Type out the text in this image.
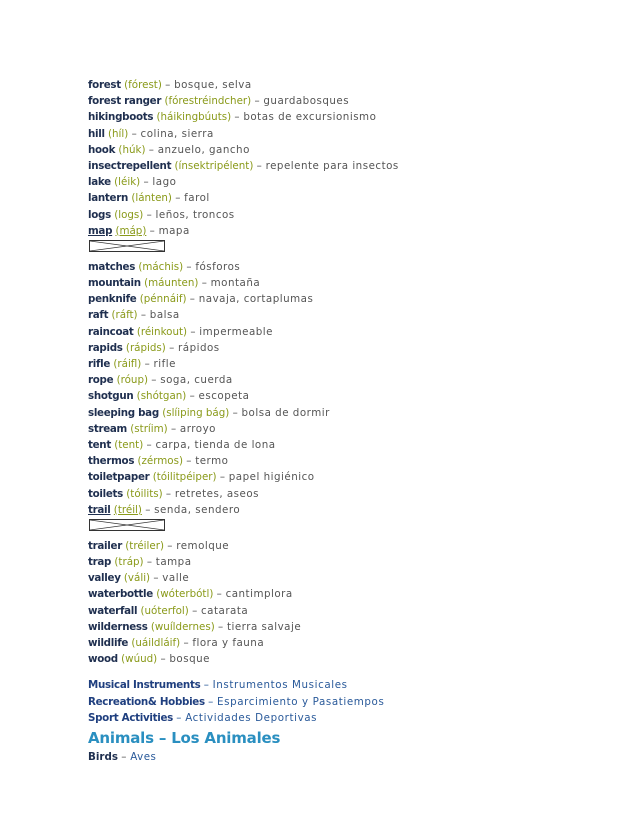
forest (fórest) – bosque, selva
forest ranger (fórestréindcher) – guardabosques
hikingboots (háikingbúuts) – botas de excursionismo
hill (híl) – colina, sierra
hook (húk) – anzuelo, gancho
insectrepellent (ínsektripélent) – repelente para insectos
lake (léik) – lago
lantern (lánten) – farol
logs (logs) – leños, troncos
map (máp) – mapa
matches (máchis) – fósforos
mountain (máunten) – montaña
penknife (pénnáif) – navaja, cortaplumas
raft (ráft) – balsa
raincoat (réinkout) – impermeable
rapids (rápids) – rápidos
rifle (ráifl) – rifle
rope (róup) – soga, cuerda
shotgun (shótgan) – escopeta
sleeping bag (slíiping bág) – bolsa de dormir
stream (stríim) – arroyo
tent (tent) – carpa, tienda de lona
thermos (zérmos) – termo
toiletpaper (tóilitpéiper) – papel higiénico
toilets (tóilits) – retretes, aseos
trail (tréil) – senda, sendero
trailer (tréiler) – remolque
trap (tráp) – tampa
valley (váli) – valle
waterbottle (wóterbótl) – cantimplora
waterfall (uóterfol) – catarata
wilderness (wuíldernes) – tierra salvaje
wildlife (uáildláif) – flora y fauna
wood (wúud) – bosque
Musical Instruments – Instrumentos Musicales
Recreation& Hobbies – Esparcimiento y Pasatiempos
Sport Activities – Actividades Deportivas
Animals – Los Animales
Birds – Aves
